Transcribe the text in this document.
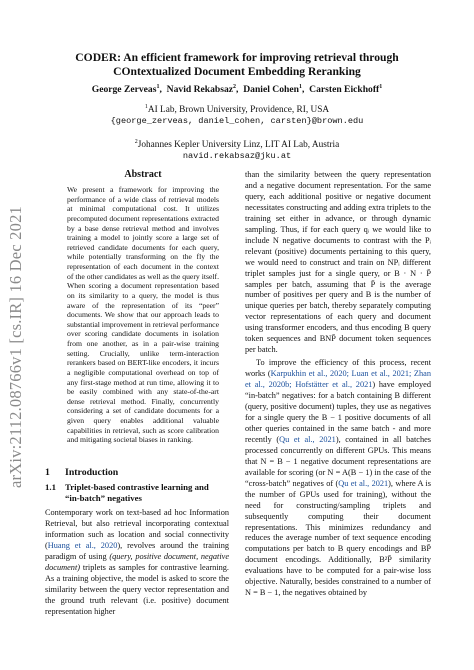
arXiv:2112.08766v1 [cs.IR] 16 Dec 2021
CODER: An efficient framework for improving retrieval through
COntextualized Document Embedding Reranking
George Zerveas$^1$,  Navid Rekabsaz$^2$,  Daniel Cohen$^1$,  Carsten Eickhoff$^1$
$^1$AI Lab, Brown University, Providence, RI, USA
{george_zerveas, daniel_cohen, carsten}@brown.edu
$^2$Johannes Kepler University Linz, LIT AI Lab, Austria
navid.rekabsaz@jku.at
Abstract
We present a framework for improving the performance of a wide class of retrieval models at minimal computational cost. It utilizes precomputed document representations extracted by a base dense retrieval method and involves training a model to jointly score a large set of retrieved candidate documents for each query, while potentially transforming on the fly the representation of each document in the context of the other candidates as well as the query itself. When scoring a document representation based on its similarity to a query, the model is thus aware of the representation of its “peer” documents. We show that our approach leads to substantial improvement in retrieval performance over scoring candidate documents in isolation from one another, as in a pair-wise training setting. Crucially, unlike term-interaction rerankers based on BERT-like encoders, it incurs a negligible computational overhead on top of any first-stage method at run time, allowing it to be easily combined with any state-of-the-art dense retrieval method. Finally, concurrently considering a set of candidate documents for a given query enables additional valuable capabilities in retrieval, such as score calibration and mitigating societal biases in ranking.
1 Introduction
1.1 Triplet-based contrastive learning and
“in-batch” negatives
Contemporary work on text-based ad hoc Information Retrieval, but also retrieval incorporating contextual information such as location and social connectivity (Huang et al., 2020), revolves around the training paradigm of using (query, positive document, negative document) triplets as samples for contrastive learning. As a training objective, the model is asked to score the similarity between the query vector representation and the ground truth relevant (i.e. positive) document representation higher

than the similarity between the query representation and a negative document representation. For the same query, each additional positive or negative document necessitates constructing and adding extra triplets to the training set either in advance, or through dynamic sampling. Thus, if for each query qᵢ we would like to include N negative documents to contrast with the Pᵢ relevant (positive) documents pertaining to this query, we would need to construct and train on NPᵢ different triplet samples just for a single query, or B · N · P̄ samples per batch, assuming that P̄ is the average number of positives per query and B is the number of unique queries per batch, thereby separately computing vector representations of each query and document using transformer encoders, and thus encoding B query token sequences and BNP̄ document token sequences per batch.

To improve the efficiency of this process, recent works (Karpukhin et al., 2020; Luan et al., 2021; Zhan et al., 2020b; Hofstätter et al., 2021) have employed “in-batch” negatives: for a batch containing B different (query, positive document) tuples, they use as negatives for a single query the B − 1 positive documents of all other queries contained in the same batch - and more recently (Qu et al., 2021), contained in all batches processed concurrently on different GPUs. This means that N = B − 1 negative document representations are available for scoring (or N = A(B − 1) in the case of the “cross-batch” negatives of (Qu et al., 2021), where A is the number of GPUs used for training), without the need for constructing/sampling triplets and subsequently computing their document representations. This minimizes redundancy and reduces the average number of text sequence encoding computations per batch to B query encodings and BP̄ document encodings. Additionally, B²P̄ similarity evaluations have to be computed for a pair-wise loss objective. Naturally, besides constrained to a number of N = B − 1, the negatives obtained by
